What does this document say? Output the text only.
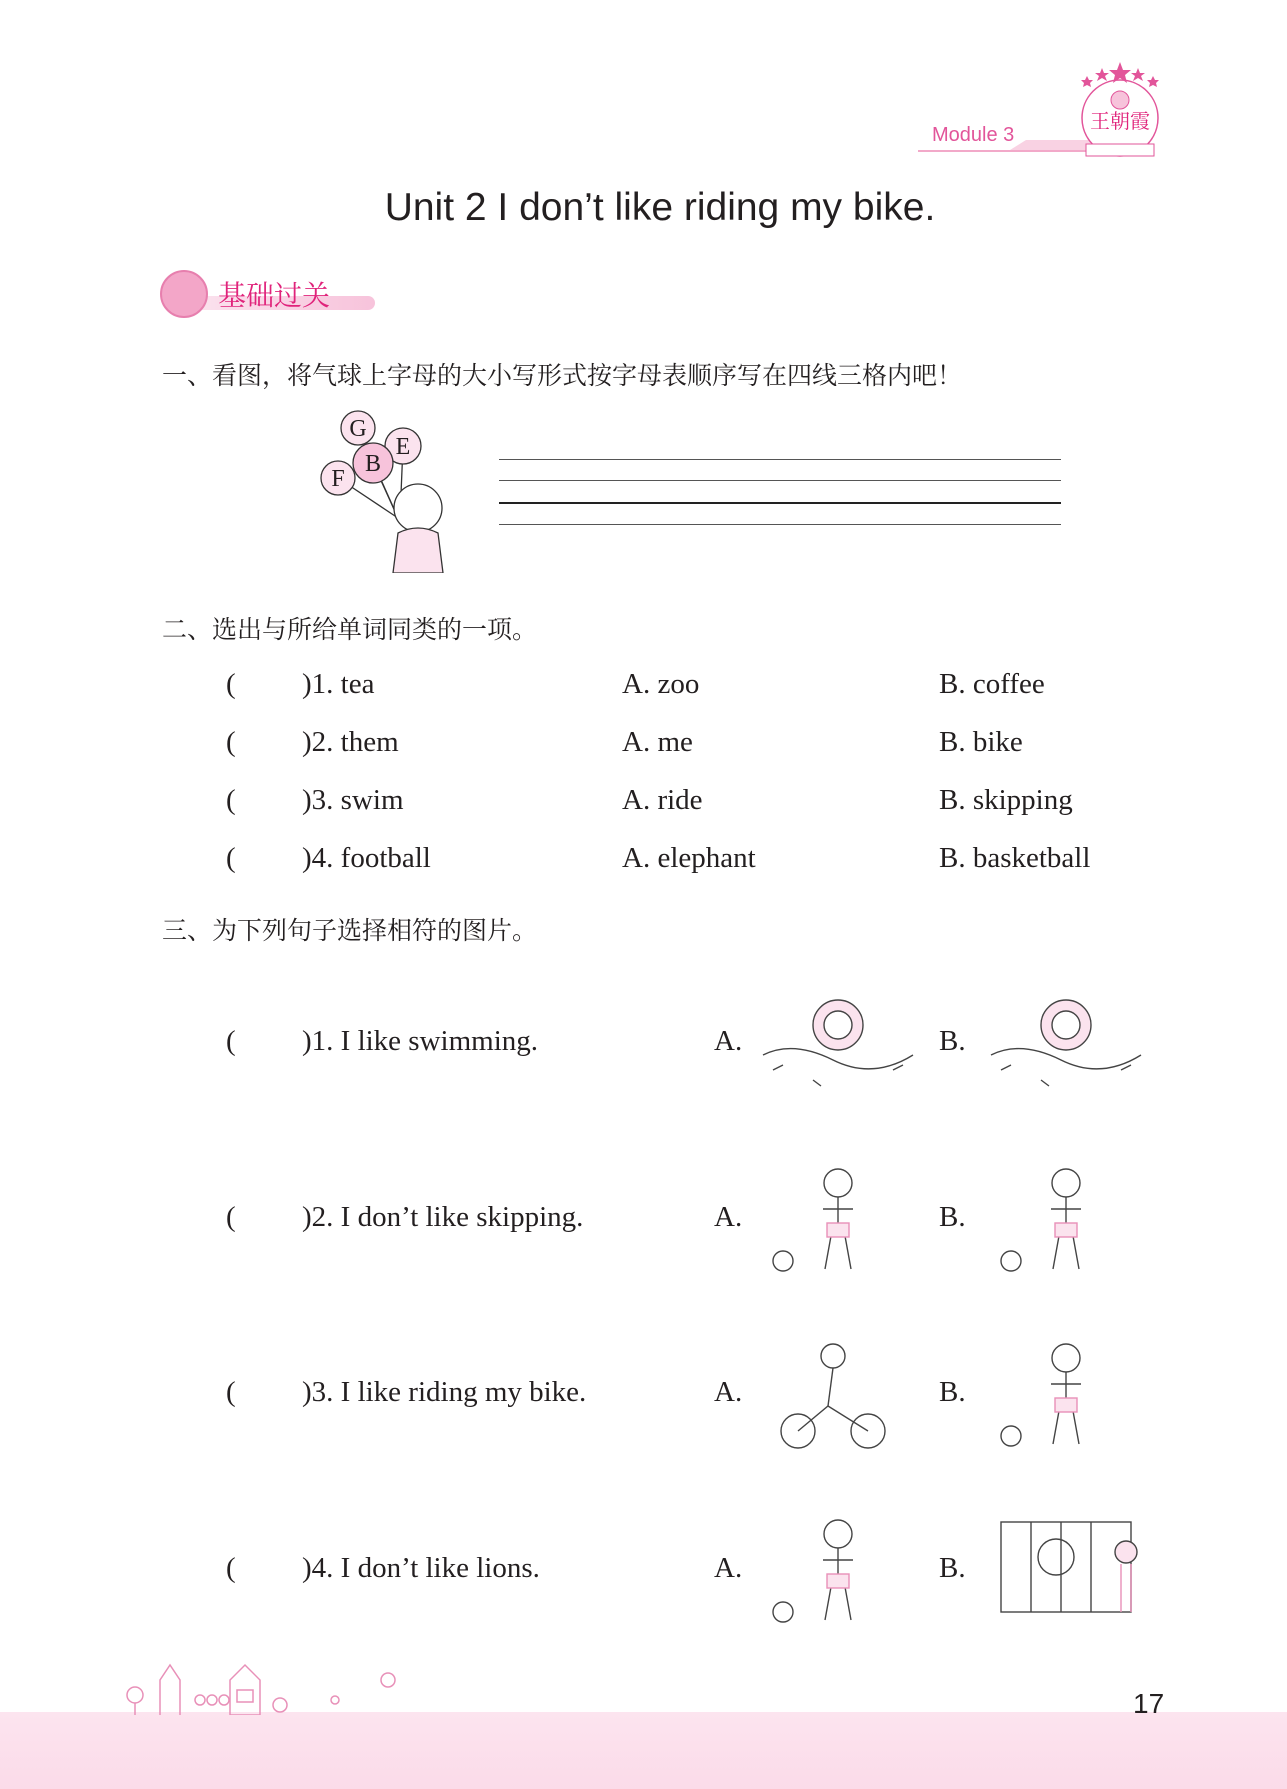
Module 3
王朝霞
Unit 2 I don’t like riding my bike.
基础过关
一、看图，将气球上字母的大小写形式按字母表顺序写在四线三格内吧！
G
B
E
F
二、选出与所给单词同类的一项。
( )1. tea	A. zoo	B. coffee
( )2. them	A. me	B. bike
( )3. swim	A. ride	B. skipping
( )4. football	A. elephant	B. basketball
三、为下列句子选择相符的图片。
( )1. I like swimming.	A.	B.
( )2. I don’t like skipping.	A.	B.
( )3. I like riding my bike.	A.	B.
( )4. I don’t like lions.	A.	B.
17
